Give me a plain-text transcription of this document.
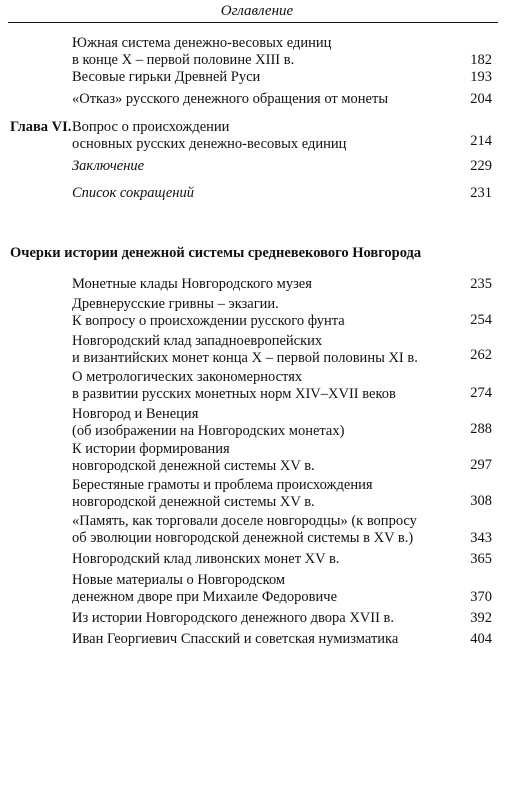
Оглавление
Южная система денежно-весовых единиц
в конце X – первой половине XIII в.	182
Весовые гирьки Древней Руси	193
«Отказ» русского денежного обращения от монеты	204
Глава VI. Вопрос о происхождении
основных русских денежно-весовых единиц	214
Заключение	229
Список сокращений	231
Очерки истории денежной системы средневекового Новгорода
Монетные клады Новгородского музея	235
Древнерусские гривны – экзагии.
К вопросу о происхождении русского фунта	254
Новгородский клад западноевропейских
и византийских монет конца X – первой половины XI в.	262
О метрологических закономерностях
в развитии русских монетных норм XIV–XVII веков	274
Новгород и Венеция
(об изображении на Новгородских монетах)	288
К истории формирования
новгородской денежной системы XV в.	297
Берестяные грамоты и проблема происхождения
новгородской денежной системы XV в.	308
«Память, как торговали доселе новгородцы» (к вопросу
об эволюции новгородской денежной системы в XV в.)	343
Новгородский клад ливонских монет XV в.	365
Новые материалы о Новгородском
денежном дворе при Михаиле Федоровиче	370
Из истории Новгородского денежного двора XVII в.	392
Иван Георгиевич Спасский и советская нумизматика	404
